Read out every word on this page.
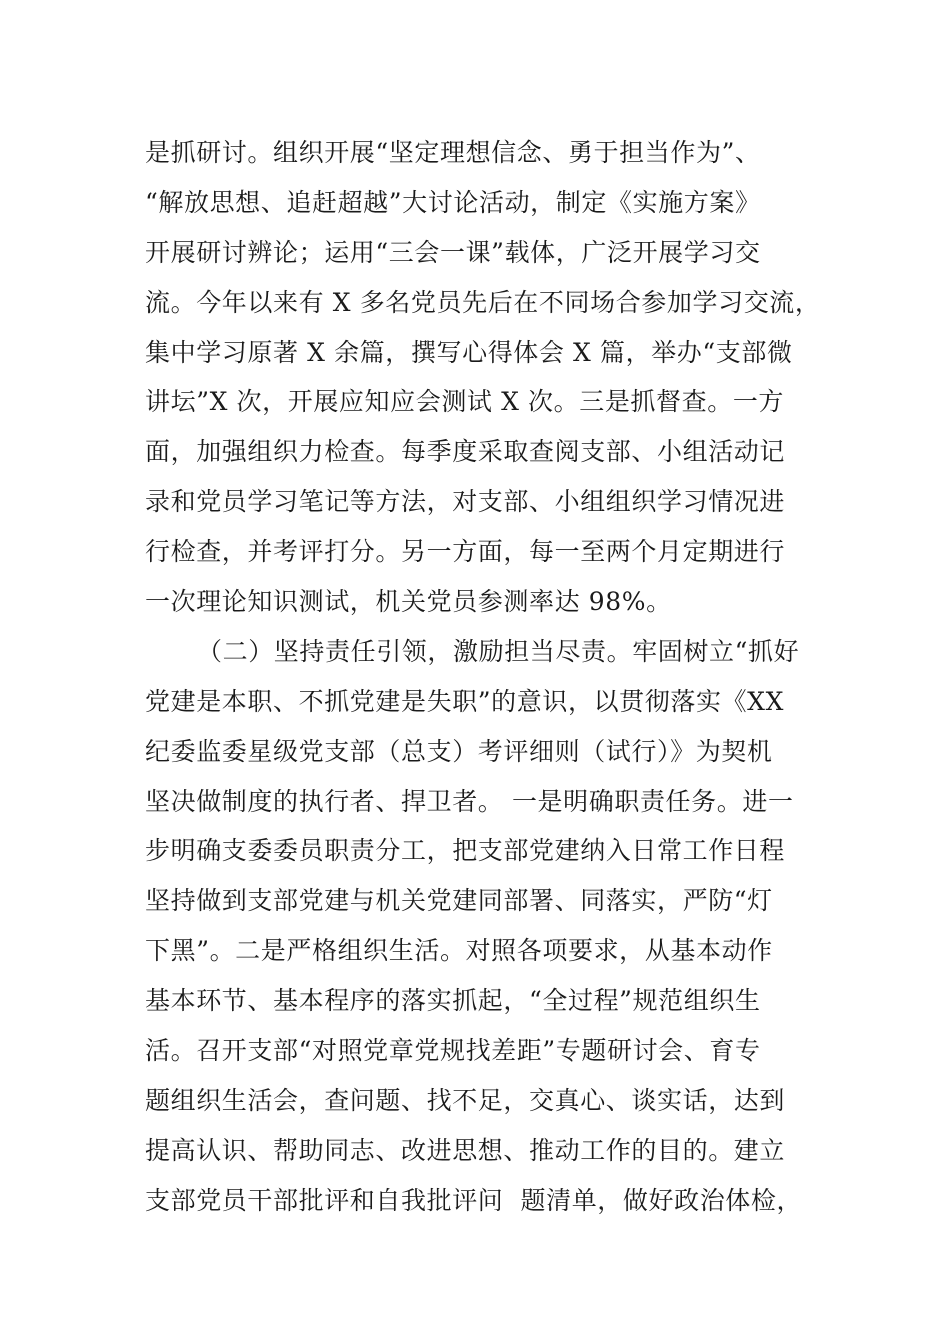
是抓研讨。组织开展“坚定理想信念、勇于担当作为”、
“解放思想、追赶超越”大讨论活动，制定《实施方案》
开展研讨辨论；运用“三会一课”载体，广泛开展学习交
流。今年以来有 X 多名党员先后在不同场合参加学习交流，
集中学习原著 X 余篇，撰写心得体会 X 篇，举办“支部微
讲坛”X 次，开展应知应会测试 X 次。三是抓督查。一方
面，加强组织力检查。每季度采取查阅支部、小组活动记
录和党员学习笔记等方法，对支部、小组组织学习情况进
行检查，并考评打分。另一方面，每一至两个月定期进行
一次理论知识测试，机关党员参测率达 98%。
（二）坚持责任引领，激励担当尽责。牢固树立“抓好
党建是本职、不抓党建是失职”的意识，以贯彻落实《XX
纪委监委星级党支部（总支）考评细则（试行）》为契机
坚决做制度的执行者、捍卫者。 一是明确职责任务。进一
步明确支委委员职责分工，把支部党建纳入日常工作日程
坚持做到支部党建与机关党建同部署、同落实，严防“灯
下黑”。二是严格组织生活。对照各项要求，从基本动作
基本环节、基本程序的落实抓起，“全过程”规范组织生
活。召开支部“对照党章党规找差距”专题研讨会、育专
题组织生活会，查问题、找不足，交真心、谈实话，达到
提高认识、帮助同志、改进思想、推动工作的目的。建立
支部党员干部批评和自我批评问  题清单，做好政治体检，
